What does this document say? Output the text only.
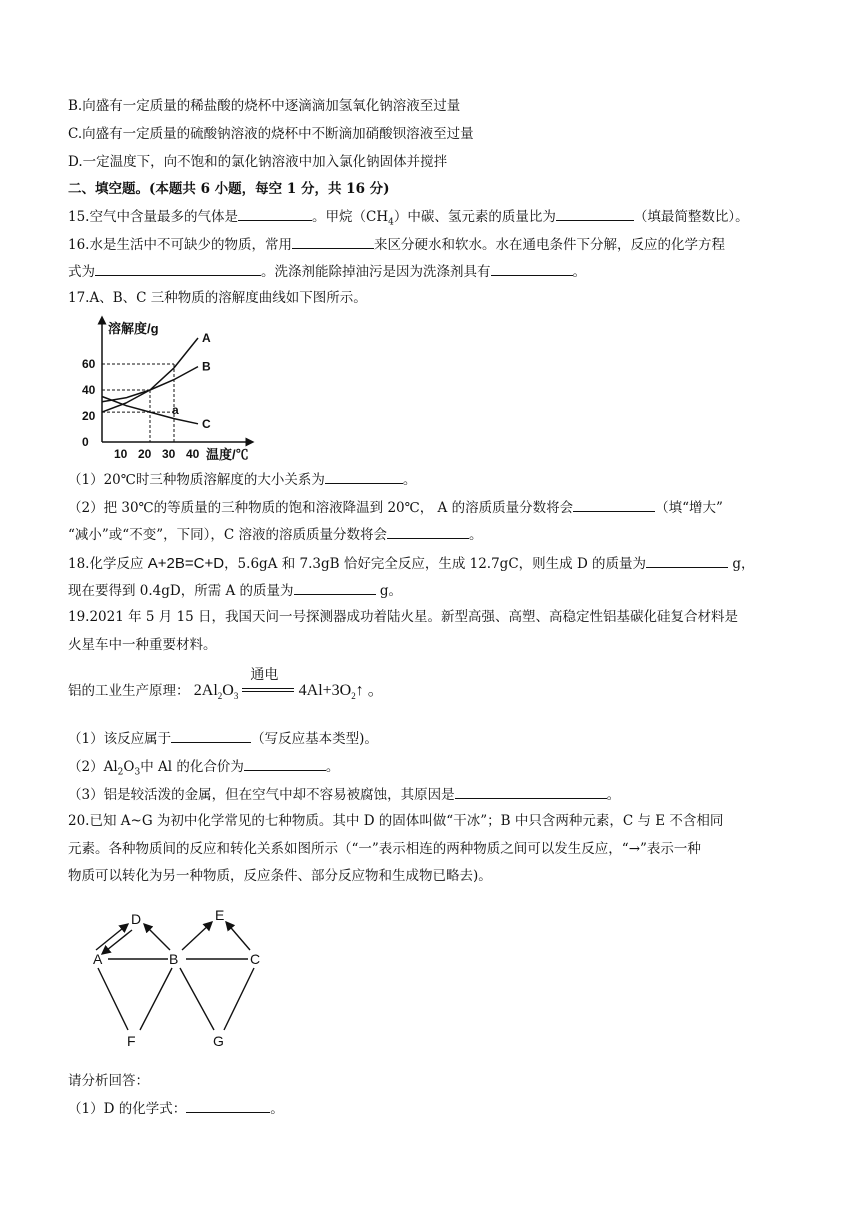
B.向盛有一定质量的稀盐酸的烧杯中逐滴滴加氢氧化钠溶液至过量
C.向盛有一定质量的硫酸钠溶液的烧杯中不断滴加硝酸钡溶液至过量
D.一定温度下，向不饱和的氯化钠溶液中加入氯化钠固体并搅拌
二、填空题。(本题共 6 小题，每空 1 分，共 16 分)
15.空气中含量最多的气体是	。甲烷$(CH_4)$中碳、氢元素的质量比为	（填最简整数比）。
16.水是生活中不可缺少的物质，常用	来区分硬水和软水。水在通电条件下分解，反应的化学方程
式为	。洗涤剂能除掉油污是因为洗涤剂具有	。
17.A、B、C 三种物质的溶解度曲线如下图所示。
溶解度/g
温度/℃
0
20
40
60
10 20 30 40
A
B
C
a
（1）20℃时三种物质溶解度的大小关系为	。
（2）把 30℃的等质量的三种物质的饱和溶液降温到 20℃， A 的溶质质量分数将会	（填“增大”
“减小”或“不变”，下同），C 溶液的溶质质量分数将会	。
18.化学反应 A+2B=C+D，5.6gA 和 7.3gB 恰好完全反应，生成 12.7gC，则生成 D 的质量为	g，
现在要得到 0.4gD，所需 A 的质量为	g。
19.2021 年 5 月 15 日，我国天问一号探测器成功着陆火星。新型高强、高塑、高稳定性铝基碳化硅复合材料是
火星车中一种重要材料。
铝的工业生产原理： $2Al_2O_3$
通电
$4Al+3O_2↑$ 。
（1）该反应属于	（写反应基本类型)。
$(2)Al_2O_3$中 Al 的化合价为	。
（3）铝是较活泼的金属，但在空气中却不容易被腐蚀，其原因是	。
20.已知 A~G 为初中化学常见的七种物质。其中 D 的固体叫做“干冰”；B 中只含两种元素，C 与 E 不含相同
元素。各种物质间的反应和转化关系如图所示（“一”表示相连的两种物质之间可以发生反应，“→”表示一种
物质可以转化为另一种物质，反应条件、部分反应物和生成物已略去)。
D	E
A	B	C
F	G
请分析回答：
（1）D 的化学式：	。
